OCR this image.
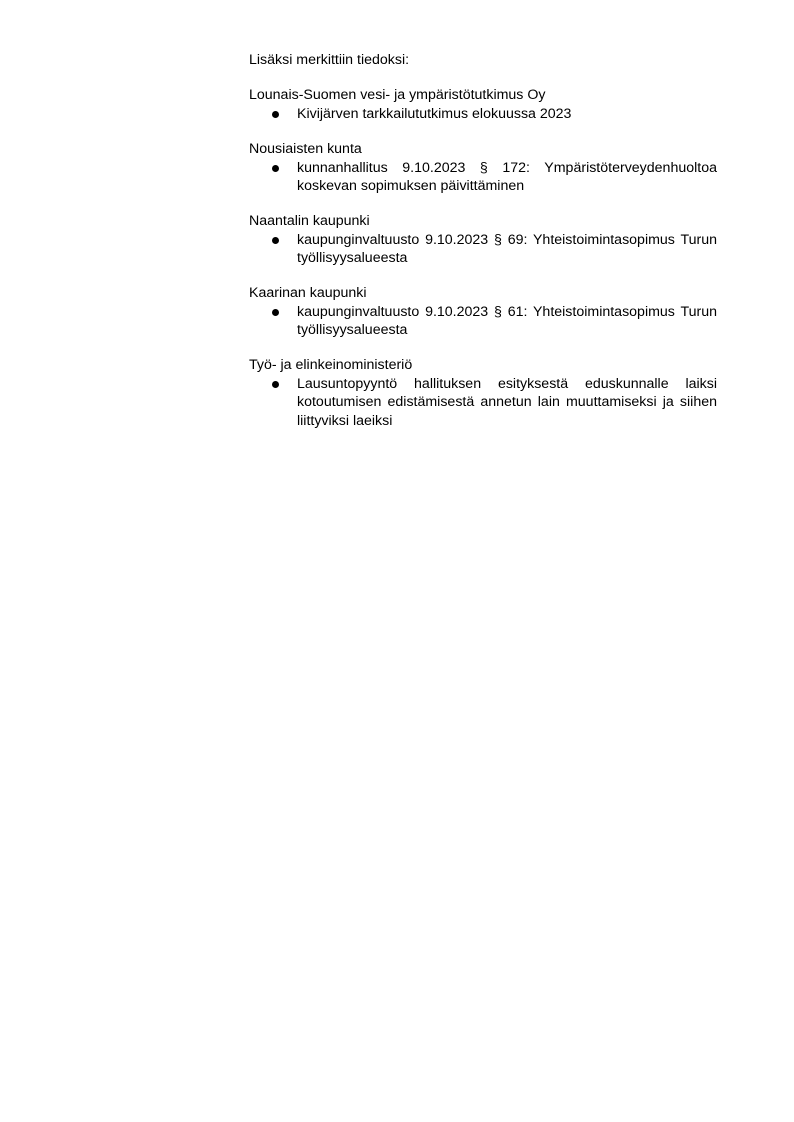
Lisäksi merkittiin tiedoksi:

Lounais-Suomen vesi- ja ympäristötutkimus Oy

Kivijärven tarkkailututkimus elokuussa 2023

Nousiaisten kunta

kunnanhallitus 9.10.2023 § 172: Ympäristöterveydenhuoltoa koskevan sopimuksen päivittäminen

Naantalin kaupunki

kaupunginvaltuusto 9.10.2023 § 69: Yhteistoimintasopimus Turun työllisyysalueesta

Kaarinan kaupunki

kaupunginvaltuusto 9.10.2023 § 61: Yhteistoimintasopimus Turun työllisyysalueesta

Työ- ja elinkeinoministeriö

Lausuntopyyntö hallituksen esityksestä eduskunnalle laiksi kotoutumisen edistämisestä annetun lain muuttamiseksi ja siihen liittyviksi laeiksi
